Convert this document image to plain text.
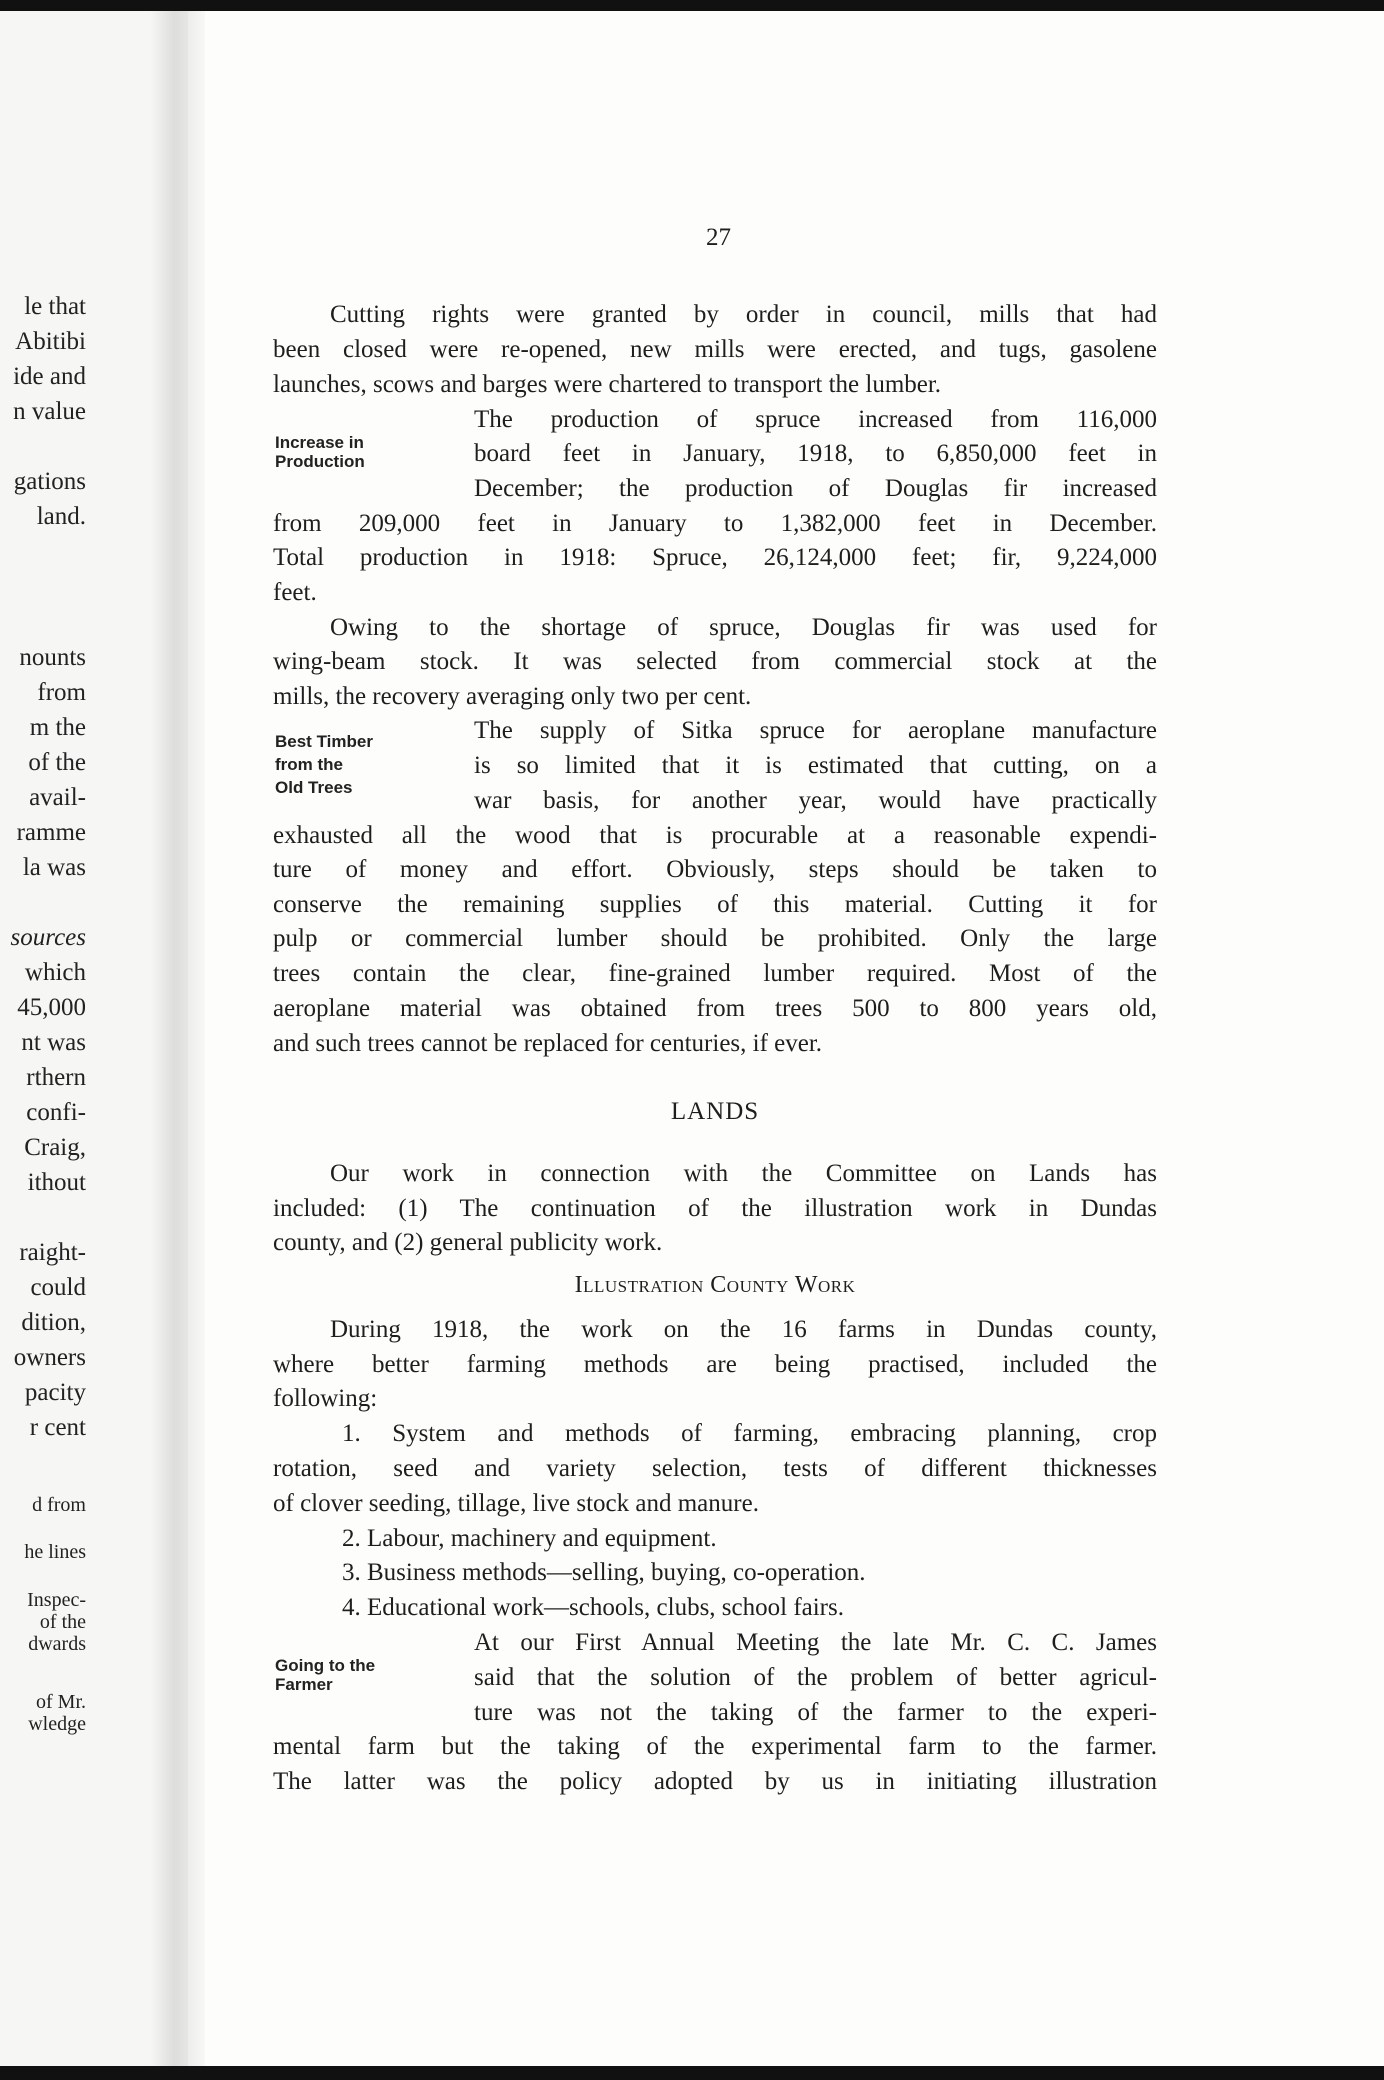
le that
Abitibi
ide and
n value
gations
land.
nounts
from
m the
of the
avail-
ramme
la was
sources
which
45,000
nt was
rthern
confi-
Craig,
ithout
raight-
could
dition,
owners
pacity
r cent
d from
he lines
Inspec-
of the
dwards
of Mr.
wledge
27
Cutting rights were granted by order in council, mills that had
been closed were re-opened, new mills were erected, and tugs, gasolene
launches, scows and barges were chartered to transport the lumber.
Increase in
Production
The production of spruce increased from 116,000
board feet in January, 1918, to 6,850,000 feet in
December; the production of Douglas fir increased
from 209,000 feet in January to 1,382,000 feet in December.
Total production in 1918: Spruce, 26,124,000 feet; fir, 9,224,000
feet.
Owing to the shortage of spruce, Douglas fir was used for
wing-beam stock. It was selected from commercial stock at the
mills, the recovery averaging only two per cent.
Best Timber
from the
Old Trees
The supply of Sitka spruce for aeroplane manufacture
is so limited that it is estimated that cutting, on a
war basis, for another year, would have practically
exhausted all the wood that is procurable at a reasonable expendi-
ture of money and effort. Obviously, steps should be taken to
conserve the remaining supplies of this material. Cutting it for
pulp or commercial lumber should be prohibited. Only the large
trees contain the clear, fine-grained lumber required. Most of the
aeroplane material was obtained from trees 500 to 800 years old,
and such trees cannot be replaced for centuries, if ever.
LANDS
Our work in connection with the Committee on Lands has
included: (1) The continuation of the illustration work in Dundas
county, and (2) general publicity work.
Illustration County Work
During 1918, the work on the 16 farms in Dundas county,
where better farming methods are being practised, included the
following:
1. System and methods of farming, embracing planning, crop
rotation, seed and variety selection, tests of different thicknesses
of clover seeding, tillage, live stock and manure.
2. Labour, machinery and equipment.
3. Business methods—selling, buying, co-operation.
4. Educational work—schools, clubs, school fairs.
Going to the
Farmer
At our First Annual Meeting the late Mr. C. C. James
said that the solution of the problem of better agricul-
ture was not the taking of the farmer to the experi-
mental farm but the taking of the experimental farm to the farmer.
The latter was the policy adopted by us in initiating illustration
